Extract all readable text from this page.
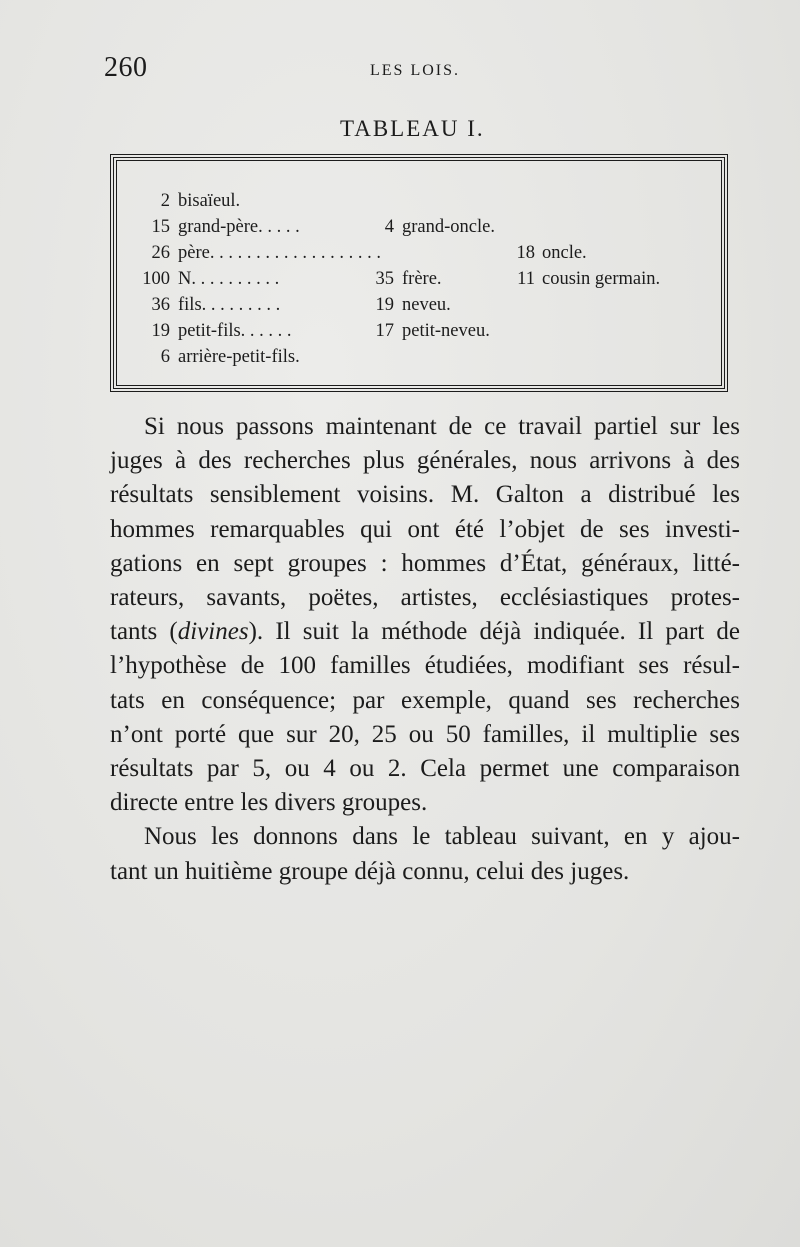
260	LES LOIS.
TABLEAU I.
2 bisaïeul.
15 grand-père. . . . .	4 grand-oncle.
26 père. . . . . . . . . . . . . . . . . . .	18 oncle.
100 N. . . . . . . . . .	35 frère.	11 cousin germain.
36 fils. . . . . . . . .	19 neveu.
19 petit-fils. . . . . .	17 petit-neveu.
6 arrière-petit-fils.

Si nous passons maintenant de ce travail partiel sur les
juges à des recherches plus générales, nous arrivons à des
résultats sensiblement voisins. M. Galton a distribué les
hommes remarquables qui ont été l’objet de ses investi-
gations en sept groupes : hommes d’État, généraux, litté-
rateurs, savants, poëtes, artistes, ecclésiastiques protes-
tants (divines). Il suit la méthode déjà indiquée. Il part de
l’hypothèse de 100 familles étudiées, modifiant ses résul-
tats en conséquence; par exemple, quand ses recherches
n’ont porté que sur 20, 25 ou 50 familles, il multiplie ses
résultats par 5, ou 4 ou 2. Cela permet une comparaison
directe entre les divers groupes.

Nous les donnons dans le tableau suivant, en y ajou-
tant un huitième groupe déjà connu, celui des juges.
